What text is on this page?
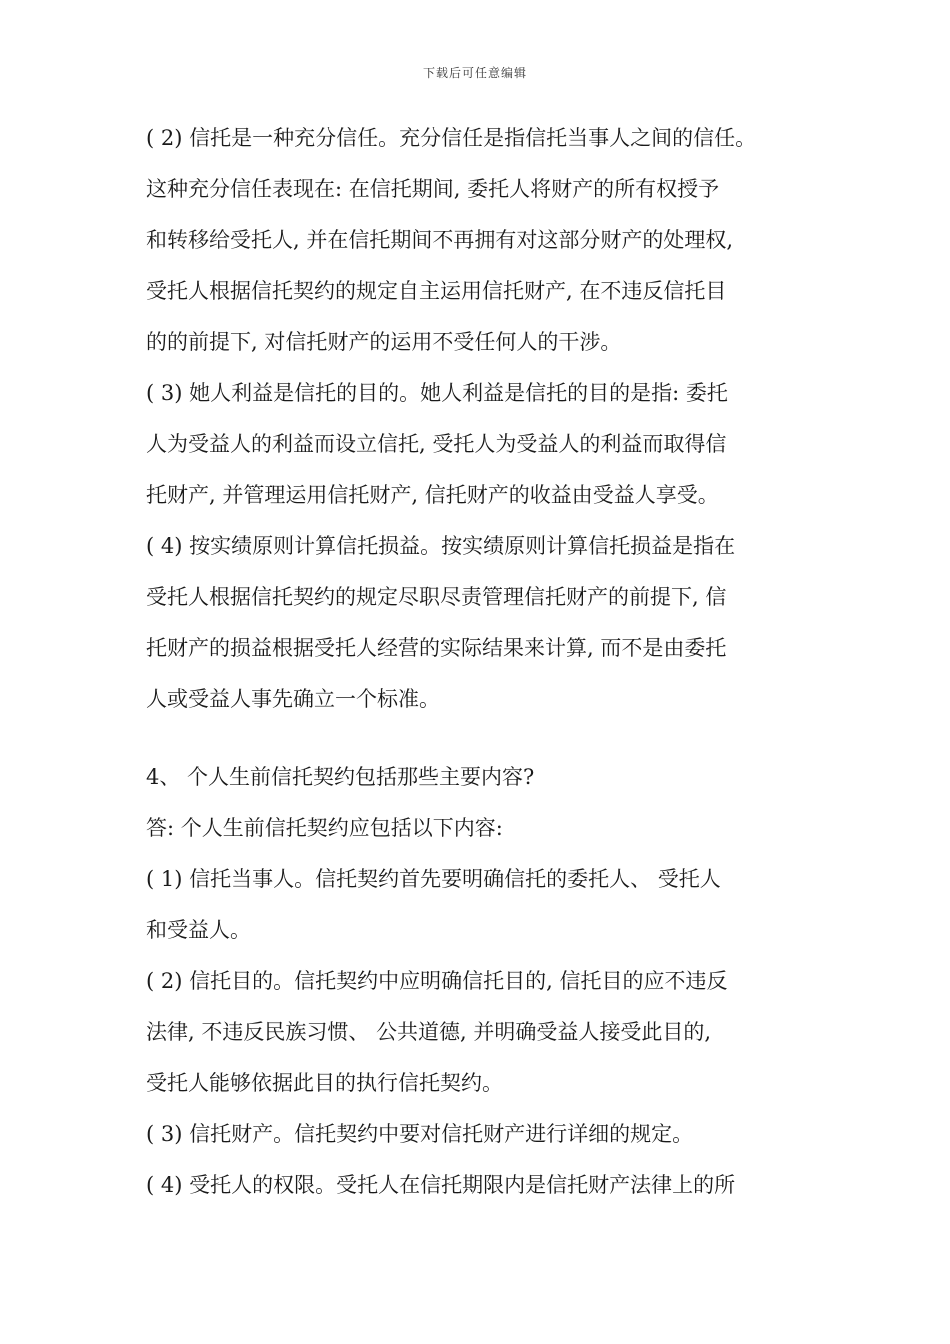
下载后可任意编辑
( 2) 信托是一种充分信任。充分信任是指信托当事人之间的信任。
这种充分信任表现在: 在信托期间, 委托人将财产的所有权授予
和转移给受托人, 并在信托期间不再拥有对这部分财产的处理权,
受托人根据信托契约的规定自主运用信托财产, 在不违反信托目
的的前提下, 对信托财产的运用不受任何人的干涉。
( 3) 她人利益是信托的目的。她人利益是信托的目的是指: 委托
人为受益人的利益而设立信托, 受托人为受益人的利益而取得信
托财产, 并管理运用信托财产, 信托财产的收益由受益人享受。
( 4) 按实绩原则计算信托损益。按实绩原则计算信托损益是指在
受托人根据信托契约的规定尽职尽责管理信托财产的前提下, 信
托财产的损益根据受托人经营的实际结果来计算, 而不是由委托
人或受益人事先确立一个标准。
4、 个人生前信托契约包括那些主要内容?
答: 个人生前信托契约应包括以下内容:
( 1) 信托当事人。信托契约首先要明确信托的委托人、 受托人
和受益人。
( 2) 信托目的。信托契约中应明确信托目的, 信托目的应不违反
法律, 不违反民族习惯、 公共道德, 并明确受益人接受此目的,
受托人能够依据此目的执行信托契约。
( 3) 信托财产。信托契约中要对信托财产进行详细的规定。
( 4) 受托人的权限。受托人在信托期限内是信托财产法律上的所
